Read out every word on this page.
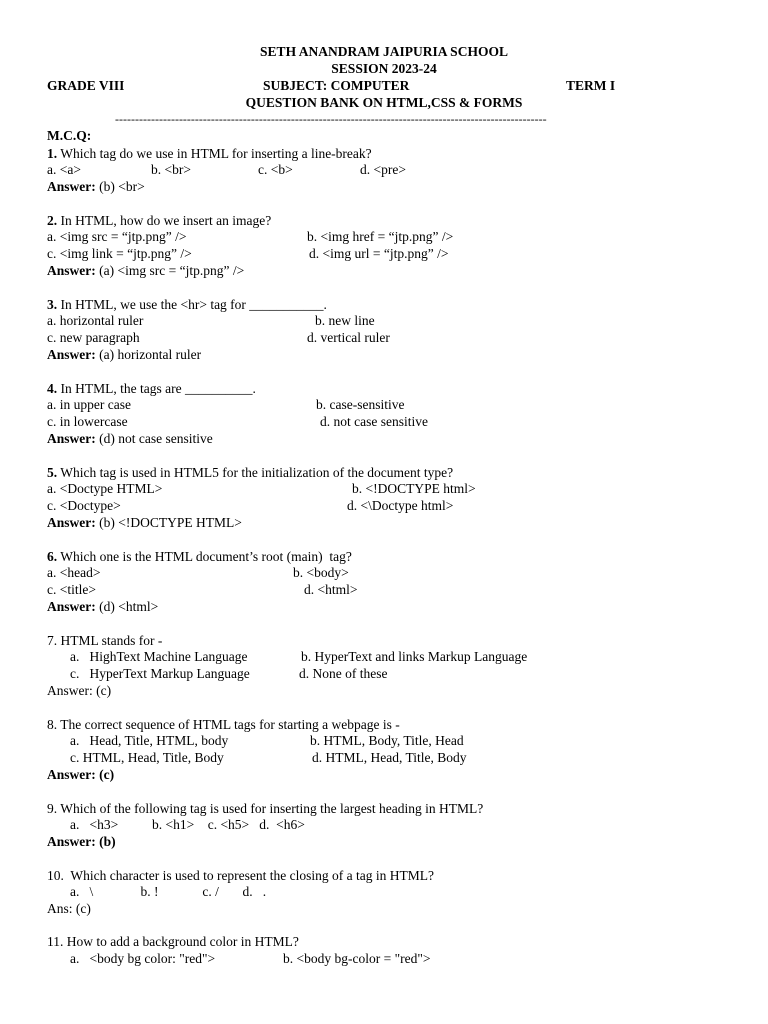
SETH ANANDRAM JAIPURIA SCHOOL
SESSION 2023-24
GRADE VIII	SUBJECT: COMPUTER	TERM I
QUESTION BANK ON HTML,CSS & FORMS
------------------------------------------------------------------------------------------------------------
M.C.Q:
1. Which tag do we use in HTML for inserting a line-break?
a. <a>	b. <br>	c. <b>	d. <pre>
Answer: (b) <br>
2. In HTML, how do we insert an image?
a. <img src = “jtp.png” />	b. <img href = “jtp.png” />
c. <img link = “jtp.png” />	d. <img url = “jtp.png” />
Answer: (a) <img src = “jtp.png” />
3. In HTML, we use the <hr> tag for ___________.
a. horizontal ruler	b. new line
c. new paragraph	d. vertical ruler
Answer: (a) horizontal ruler
4. In HTML, the tags are __________.
a. in upper case	b. case-sensitive
c. in lowercase	d. not case sensitive
Answer: (d) not case sensitive
5. Which tag is used in HTML5 for the initialization of the document type?
a. <Doctype HTML>	b. <!DOCTYPE html>
c. <Doctype>	d. <\Doctype html>
Answer: (b) <!DOCTYPE HTML>
6. Which one is the HTML document’s root (main)  tag?
a. <head>	b. <body>
c. <title>	d. <html>
Answer: (d) <html>
7. HTML stands for -
a.   HighText Machine Language	b. HyperText and links Markup Language
c.   HyperText Markup Language	d. None of these
Answer: (c)
8. The correct sequence of HTML tags for starting a webpage is -
a.   Head, Title, HTML, body	b. HTML, Body, Title, Head
c. HTML, Head, Title, Body	d. HTML, Head, Title, Body
Answer: (c)
9. Which of the following tag is used for inserting the largest heading in HTML?
a.   <h3>          b. <h1>    c. <h5>   d.  <h6>
Answer: (b)
10.  Which character is used to represent the closing of a tag in HTML?
a.   \              b. !             c. /       d.   .
Ans: (c)
11. How to add a background color in HTML?
a.   <body bg color: "red">	b. <body bg-color = "red">
